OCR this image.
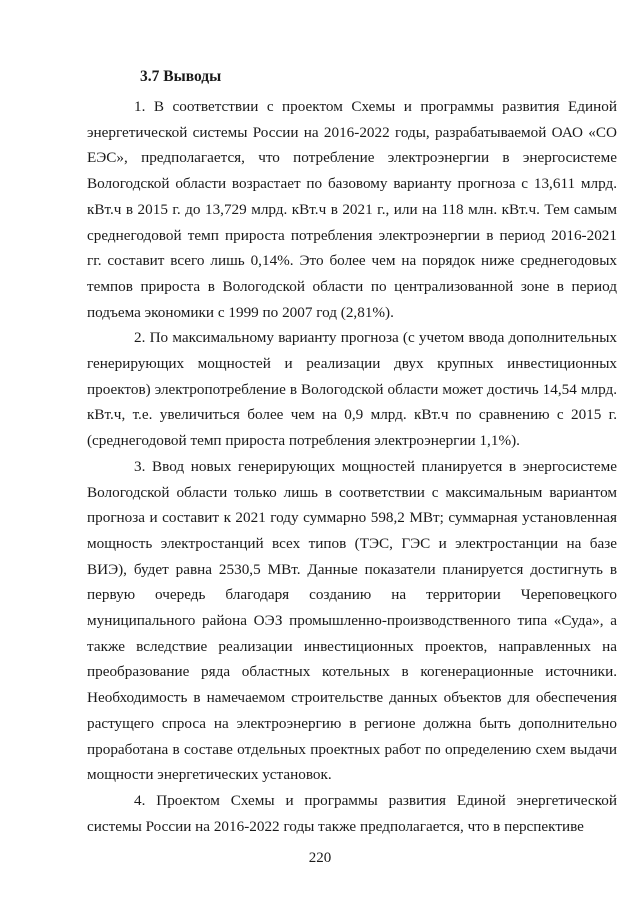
3.7 Выводы

1. В соответствии с проектом Схемы и программы развития Единой энергетической системы России на 2016-2022 годы, разрабатываемой ОАО «СО ЕЭС», предполагается, что потребление электроэнергии в энергосистеме Вологодской области возрастает по базовому варианту прогноза с 13,611 млрд. кВт.ч в 2015 г. до 13,729 млрд. кВт.ч в 2021 г., или на 118 млн. кВт.ч. Тем самым среднегодовой темп прироста потребления электроэнергии в период 2016-2021 гг. составит всего лишь 0,14%. Это более чем на порядок ниже среднегодовых темпов прироста в Вологодской области по централизованной зоне в период подъема экономики с 1999 по 2007 год (2,81%).

2. По максимальному варианту прогноза (с учетом ввода дополнительных генерирующих мощностей и реализации двух крупных инвестиционных проектов) электропотребление в Вологодской области может достичь 14,54 млрд. кВт.ч, т.е. увеличиться более чем на 0,9 млрд. кВт.ч по сравнению с 2015 г. (среднегодовой темп прироста потребления электроэнергии 1,1%).

3. Ввод новых генерирующих мощностей планируется в энергосистеме Вологодской области только лишь в соответствии с максимальным вариантом прогноза и составит к 2021 году суммарно 598,2 МВт; суммарная установленная мощность электростанций всех типов (ТЭС, ГЭС и электростанции на базе ВИЭ), будет равна 2530,5 МВт. Данные показатели планируется достигнуть в первую очередь благодаря созданию на территории Череповецкого муниципального района ОЭЗ промышленно-производственного типа «Суда», а также вследствие реализации инвестиционных проектов, направленных на преобразование ряда областных котельных в когенерационные источники. Необходимость в намечаемом строительстве данных объектов для обеспечения растущего спроса на электроэнергию в регионе должна быть дополнительно проработана в составе отдельных проектных работ по определению схем выдачи мощности энергетических установок.

4. Проектом Схемы и программы развития Единой энергетической системы России на 2016-2022 годы также предполагается, что в перспективе

220
